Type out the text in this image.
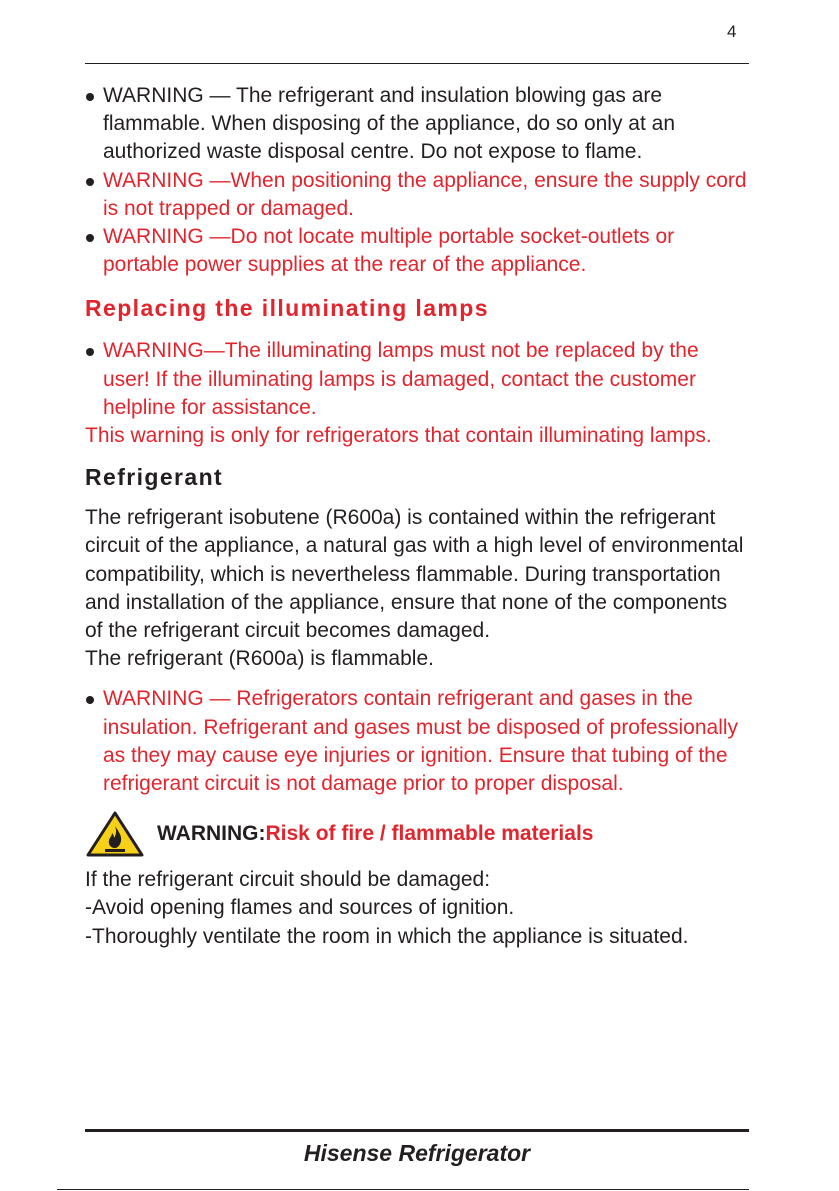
4
WARNING — The refrigerant and insulation blowing gas are flammable. When disposing of the appliance, do so only at an authorized waste disposal centre. Do not expose to flame.
WARNING —When positioning the appliance, ensure the supply cord is not trapped or damaged.
WARNING —Do not locate multiple portable socket-outlets or portable power supplies at the rear of the appliance.
Replacing the illuminating lamps
WARNING—The illuminating lamps must not be replaced by the user! If the illuminating lamps is damaged, contact the customer helpline for assistance.
This warning is only for refrigerators that contain illuminating lamps.
Refrigerant
The refrigerant isobutene (R600a) is contained within the refrigerant circuit of the appliance, a natural gas with a high level of environmental compatibility, which is nevertheless flammable. During transportation and installation of the appliance, ensure that none of the components of the refrigerant circuit becomes damaged.
The refrigerant (R600a) is flammable.
WARNING — Refrigerators contain refrigerant and gases in the insulation. Refrigerant and gases must be disposed of professionally as they may cause eye injuries or ignition. Ensure that tubing of the refrigerant circuit is not damage prior to proper disposal.
WARNING:Risk of fire / flammable materials
If the refrigerant circuit should be damaged:
-Avoid opening flames and sources of ignition.
-Thoroughly ventilate the room in which the appliance is situated.
Hisense Refrigerator
